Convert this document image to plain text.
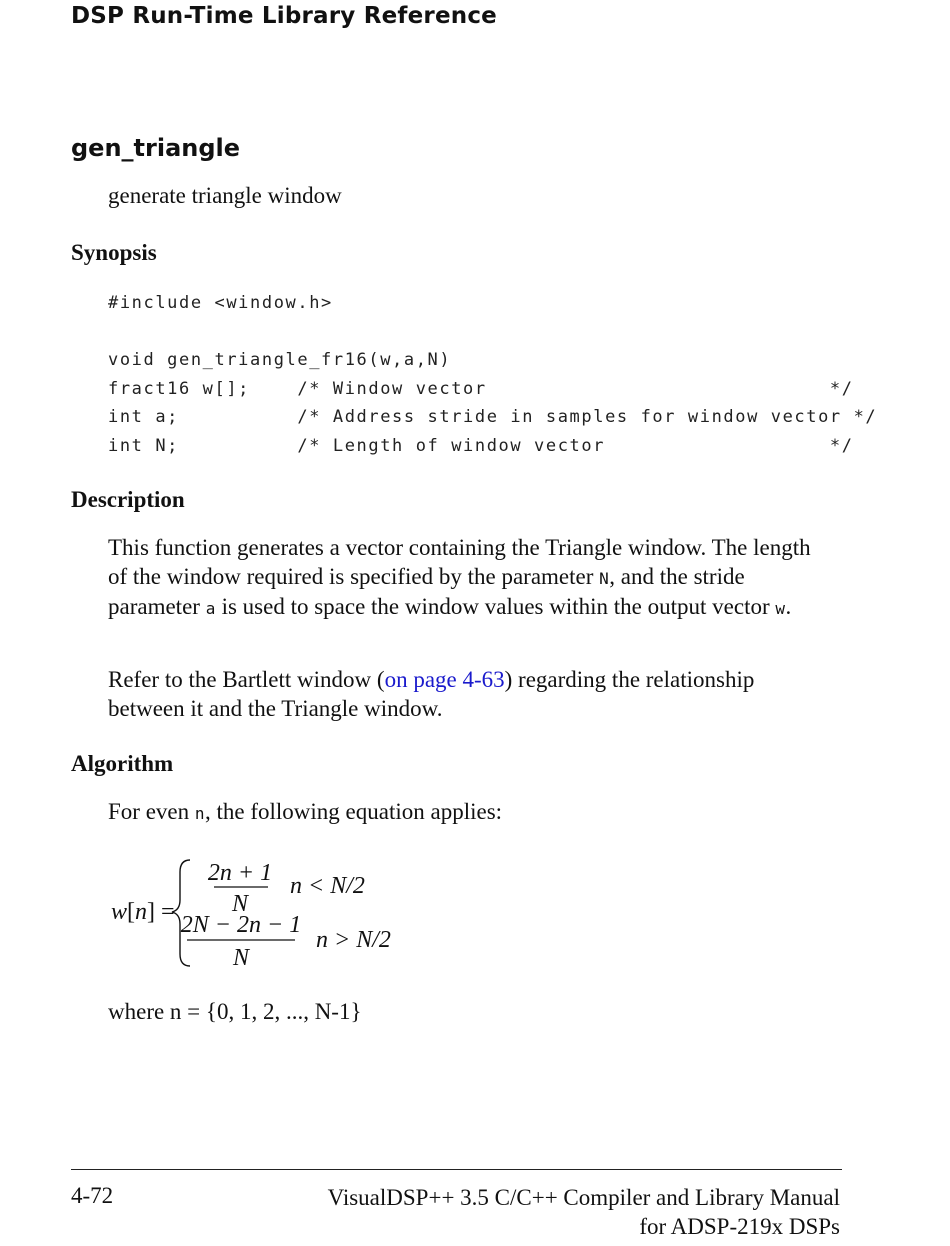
DSP Run-Time Library Reference
gen_triangle
generate triangle window
Synopsis
#include <window.h>
void gen_triangle_fr16(w,a,N)
fract16 w[];    /* Window vector                             */
int a;          /* Address stride in samples for window vector */
int N;          /* Length of window vector                   */
Description
This function generates a vector containing the Triangle window. The length of the window required is specified by the parameter N, and the stride parameter a is used to space the window values within the output vector w.
Refer to the Bartlett window (on page 4-63) regarding the relationship between it and the Triangle window.
Algorithm
For even n, the following equation applies:
w [ n ] =
2n + 1
N
n < N/2
2N − 2n − 1
N
n > N/2
where n = {0, 1, 2, ..., N-1}
4-72	VisualDSP++ 3.5 C/C++ Compiler and Library Manual
for ADSP-219x DSPs
